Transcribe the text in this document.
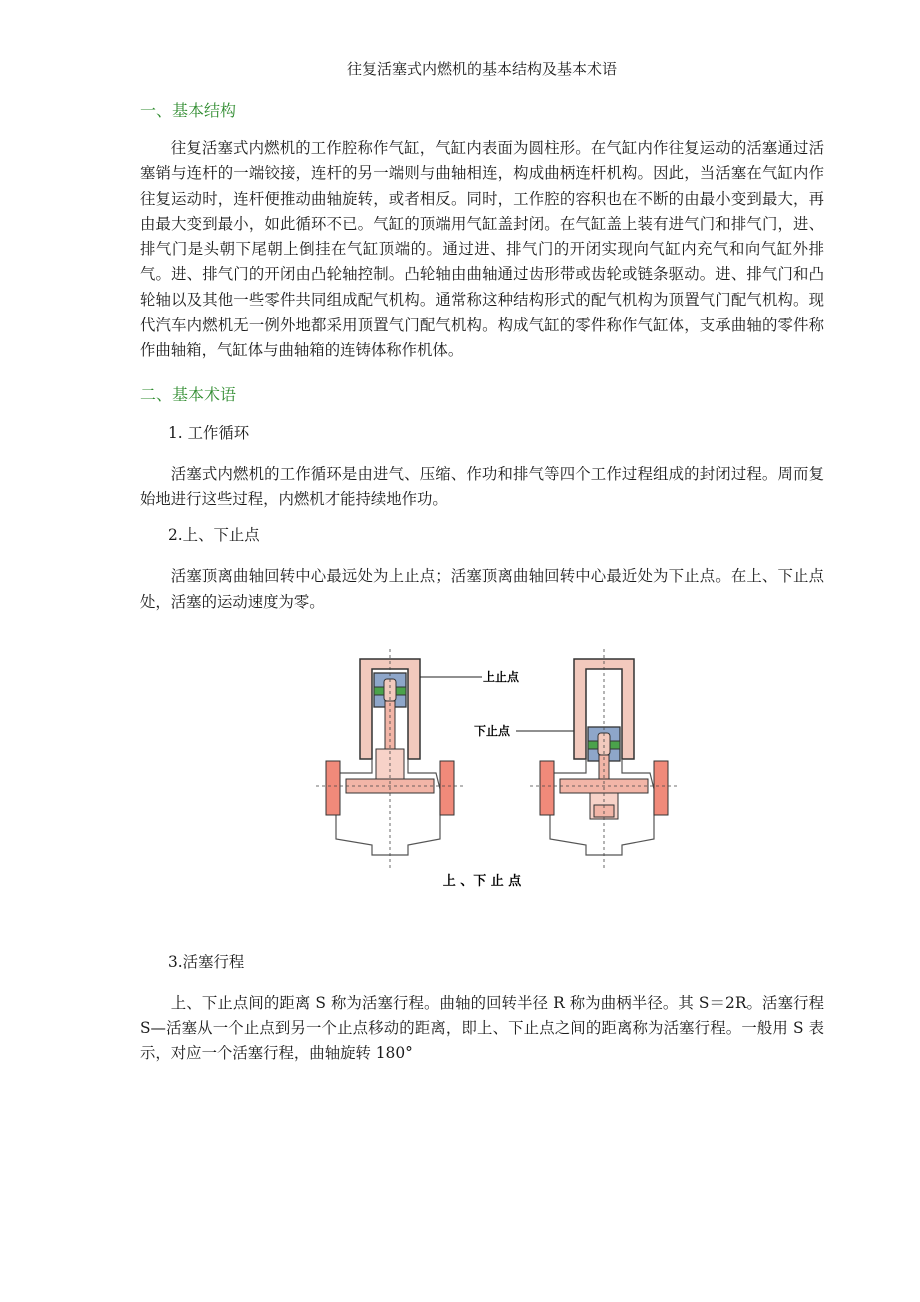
往复活塞式内燃机的基本结构及基本术语
一、基本结构

往复活塞式内燃机的工作腔称作气缸，气缸内表面为圆柱形。在气缸内作往复运动的活塞通过活塞销与连杆的一端铰接，连杆的另一端则与曲轴相连，构成曲柄连杆机构。因此，当活塞在气缸内作往复运动时，连杆便推动曲轴旋转，或者相反。同时，工作腔的容积也在不断的由最小变到最大，再由最大变到最小，如此循环不已。气缸的顶端用气缸盖封闭。在气缸盖上装有进气门和排气门，进、排气门是头朝下尾朝上倒挂在气缸顶端的。通过进、排气门的开闭实现向气缸内充气和向气缸外排气。进、排气门的开闭由凸轮轴控制。凸轮轴由曲轴通过齿形带或齿轮或链条驱动。进、排气门和凸轮轴以及其他一些零件共同组成配气机构。通常称这种结构形式的配气机构为顶置气门配气机构。现代汽车内燃机无一例外地都采用顶置气门配气机构。构成气缸的零件称作气缸体，支承曲轴的零件称作曲轴箱，气缸体与曲轴箱的连铸体称作机体。

二、基本术语
1. 工作循环

活塞式内燃机的工作循环是由进气、压缩、作功和排气等四个工作过程组成的封闭过程。周而复始地进行这些过程，内燃机才能持续地作功。

2.上、下止点

活塞顶离曲轴回转中心最远处为上止点；活塞顶离曲轴回转中心最近处为下止点。在上、下止点处，活塞的运动速度为零。

上止点
下止点
上 、下 止 点
3.活塞行程

上、下止点间的距离 S 称为活塞行程。曲轴的回转半径 R 称为曲柄半径。其 S＝2R。活塞行程 S—活塞从一个止点到另一个止点移动的距离，即上、下止点之间的距离称为活塞行程。一般用 S 表示，对应一个活塞行程，曲轴旋转 180°
